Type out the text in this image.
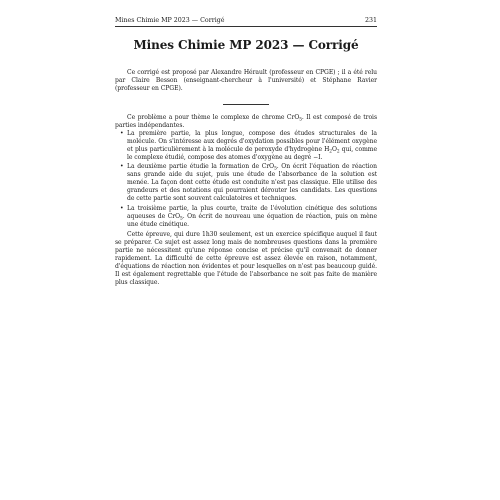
Mines Chimie MP 2023 — Corrigé	231
Mines Chimie MP 2023 — Corrigé

Ce corrigé est proposé par Alexandre Hérault (professeur en CPGE) ; il a été relu par Claire Besson (enseignant-chercheur à l'université) et Stéphane Ravier (professeur en CPGE).

Ce problème a pour thème le complexe de chrome CrO$_5$. Il est composé de trois parties indépendantes.

• La première partie, la plus longue, compose des études structurales de la molécule. On s'intéresse aux degrés d'oxydation possibles pour l'élément oxygène et plus particulièrement à la molécule de peroxyde d'hydrogène $H_2O_2$ qui, comme le complexe étudié, compose des atomes d'oxygène au degré −I.
• La deuxième partie étudie la formation de CrO$_5$. On écrit l'équation de réaction sans grande aide du sujet, puis une étude de l'absorbance de la solution est menée. La façon dont cette étude est conduite n'est pas classique. Elle utilise des grandeurs et des notations qui pourraient dérouter les candidats. Les questions de cette partie sont souvent calculatoires et techniques.
• La troisième partie, la plus courte, traite de l'évolution cinétique des solutions aqueuses de CrO$_5$. On écrit de nouveau une équation de réaction, puis on mène une étude cinétique.

Cette épreuve, qui dure 1h30 seulement, est un exercice spécifique auquel il faut se préparer. Ce sujet est assez long mais de nombreuses questions dans la première partie ne nécessitent qu'une réponse concise et précise qu'il convenait de donner rapidement. La difficulté de cette épreuve est assez élevée en raison, notamment, d'équations de réaction non évidentes et pour lesquelles on n'est pas beaucoup guidé. Il est également regrettable que l'étude de l'absorbance ne soit pas faite de manière plus classique.
